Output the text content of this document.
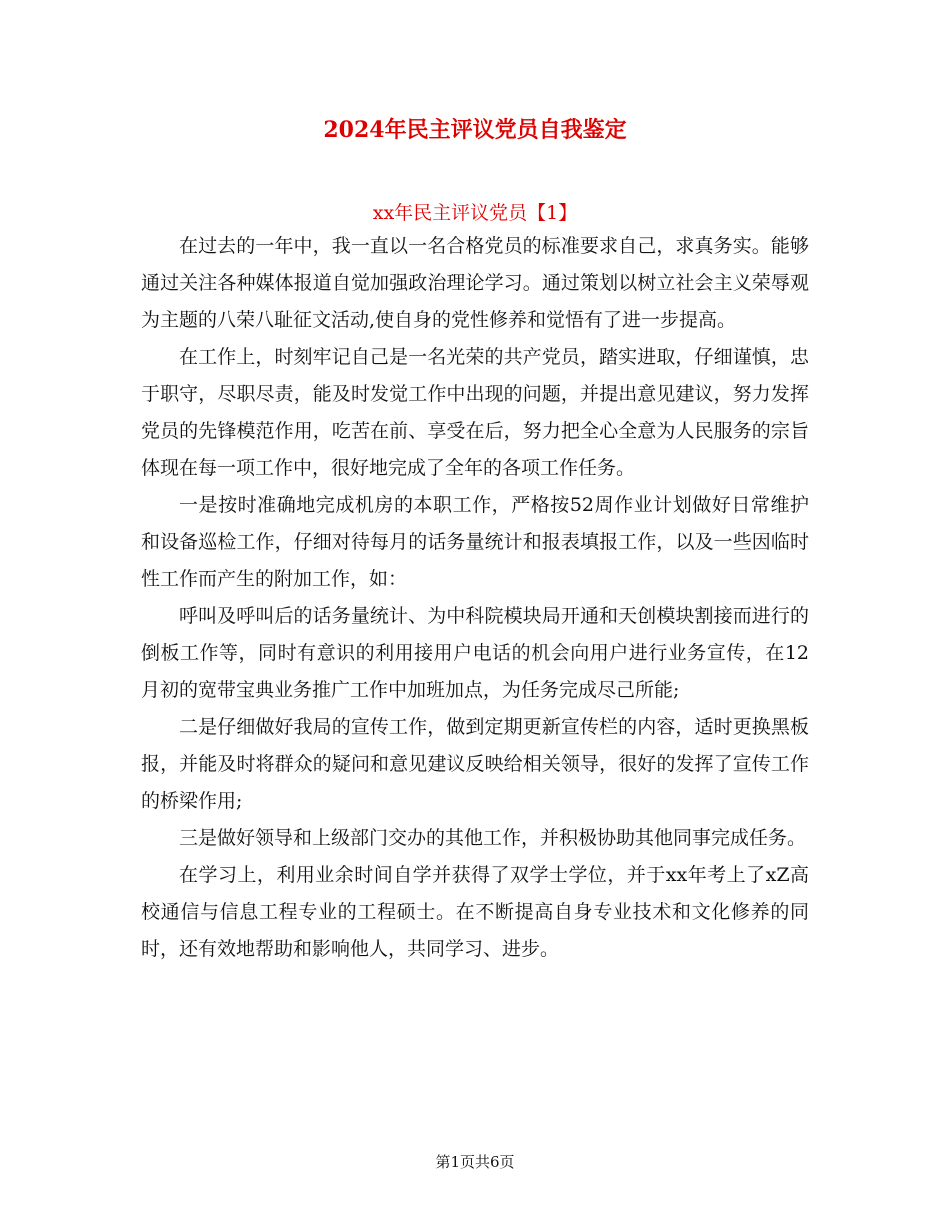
2024年民主评议党员自我鉴定
xx年民主评议党员【1】

在过去的一年中，我一直以一名合格党员的标准要求自己，求真务实。能够通过关注各种媒体报道自觉加强政治理论学习。通过策划以树立社会主义荣辱观为主题的八荣八耻征文活动,使自身的党性修养和觉悟有了进一步提高。

在工作上，时刻牢记自己是一名光荣的共产党员，踏实进取，仔细谨慎，忠于职守，尽职尽责，能及时发觉工作中出现的问题，并提出意见建议，努力发挥党员的先锋模范作用，吃苦在前、享受在后，努力把全心全意为人民服务的宗旨体现在每一项工作中，很好地完成了全年的各项工作任务。

一是按时准确地完成机房的本职工作，严格按52周作业计划做好日常维护和设备巡检工作，仔细对待每月的话务量统计和报表填报工作，以及一些因临时性工作而产生的附加工作，如：

呼叫及呼叫后的话务量统计、为中科院模块局开通和天创模块割接而进行的倒板工作等，同时有意识的利用接用户电话的机会向用户进行业务宣传，在12月初的宽带宝典业务推广工作中加班加点，为任务完成尽己所能;

二是仔细做好我局的宣传工作，做到定期更新宣传栏的内容，适时更换黑板报，并能及时将群众的疑问和意见建议反映给相关领导，很好的发挥了宣传工作的桥梁作用;

三是做好领导和上级部门交办的其他工作，并积极协助其他同事完成任务。

在学习上，利用业余时间自学并获得了双学士学位，并于xx年考上了xZ高校通信与信息工程专业的工程硕士。在不断提高自身专业技术和文化修养的同时，还有效地帮助和影响他人，共同学习、进步。

第1页共6页
